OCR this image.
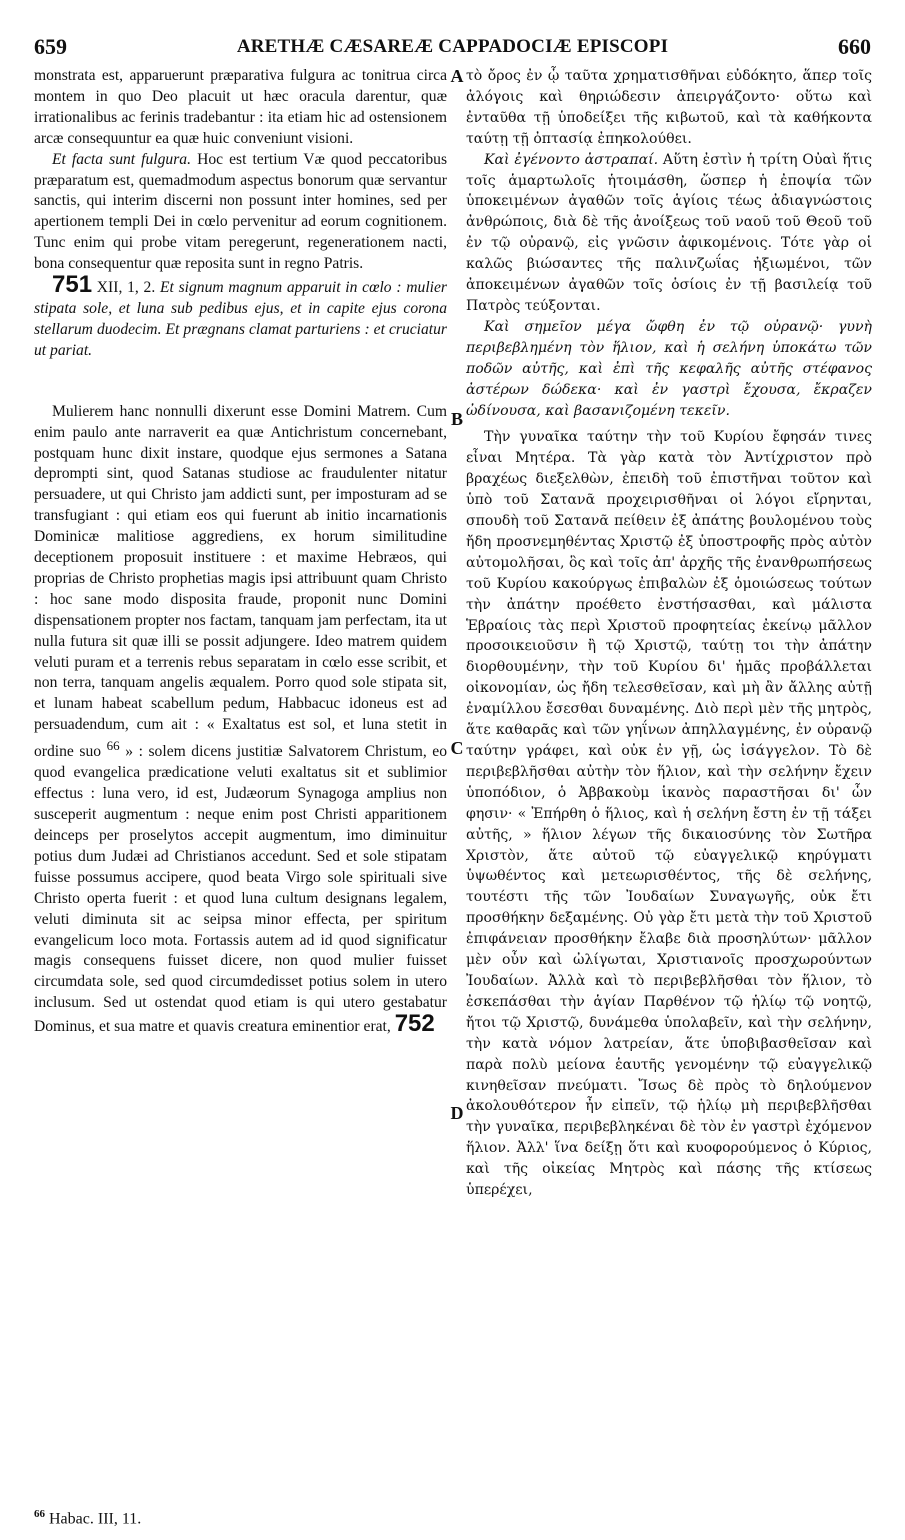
659	ARETHÆ CÆSAREÆ CAPPADOCIÆ EPISCOPI	660

monstrata est, apparuerunt præparativa fulgura ac tonitrua circa montem in quo Deo placuit ut hæc oracula darentur, quæ irrationalibus ac ferinis tradebantur : ita etiam hic ad ostensionem arcæ consequuntur ea quæ huic conveniunt visioni.

Et facta sunt fulgura. Hoc est tertium Væ quod peccatoribus præparatum est, quemadmodum aspectus bonorum quæ servantur sanctis, qui interim discerni non possunt inter homines, sed per apertionem templi Dei in cœlo pervenitur ad eorum cognitionem. Tunc enim qui probe vitam peregerunt, regenerationem nacti, bona consequentur quæ reposita sunt in regno Patris.

751 XII, 1, 2. Et signum magnum apparuit in cœlo : mulier stipata sole, et luna sub pedibus ejus, et in capite ejus corona stellarum duodecim. Et prægnans clamat parturiens : et cruciatur ut pariat.

Mulierem hanc nonnulli dixerunt esse Domini Matrem. Cum enim paulo ante narraverit ea quæ Antichristum concernebant, postquam hunc dixit instare, quodque ejus sermones a Satana deprompti sint, quod Satanas studiose ac fraudulenter nitatur persuadere, ut qui Christo jam addicti sunt, per imposturam ad se transfugiant : qui etiam eos qui fuerunt ab initio incarnationis Dominicæ malitiose aggrediens, ex horum similitudine deceptionem proposuit instituere : et maxime Hebræos, qui proprias de Christo prophetias magis ipsi attribuunt quam Christo : hoc sane modo disposita fraude, proponit nunc Domini dispensationem propter nos factam, tanquam jam perfectam, ita ut nulla futura sit quæ illi se possit adjungere. Ideo matrem quidem veluti puram et a terrenis rebus separatam in cœlo esse scribit, et non terra, tanquam angelis æqualem. Porro quod sole stipata sit, et lunam habeat scabellum pedum, Habbacuc idoneus est ad persuadendum, cum ait : « Exaltatus est sol, et luna stetit in ordine suo $^{66}$ » : solem dicens justitiæ Salvatorem Christum, eo quod evangelica prædicatione veluti exaltatus sit et sublimior effectus : luna vero, id est, Judæorum Synagoga amplius non susceperit augmentum : neque enim post Christi apparitionem deinceps per proselytos accepit augmentum, imo diminuitur potius dum Judæi ad Christianos accedunt. Sed et sole stipatam fuisse possumus accipere, quod beata Virgo sole spirituali sive Christo operta fuerit : et quod luna cultum designans legalem, veluti diminuta sit ac seipsa minor effecta, per spiritum evangelicum loco mota. Fortassis autem ad id quod significatur magis consequens fuisset dicere, non quod mulier fuisset circumdata sole, sed quod circumdedisset potius solem in utero inclusum. Sed ut ostendat quod etiam is qui utero gestabatur Dominus, et sua matre et quavis creatura eminentior erat, 752

A
B
C
D

τὸ ὄρος ἐν ᾧ ταῦτα χρηματισθῆναι εὐδόκητο, ἅπερ τοῖς ἀλόγοις καὶ θηριώδεσιν ἀπειργάζοντο· οὕτω καὶ ἐνταῦθα τῇ ὑποδείξει τῆς κιβωτοῦ, καὶ τὰ καθήκοντα ταύτῃ τῇ ὀπτασίᾳ ἐπηκολούθει.

Καὶ ἐγένοντο ἀστραπαί. Αὕτη ἐστὶν ἡ τρίτη Οὐαὶ ἥτις τοῖς ἁμαρτωλοῖς ἡτοιμάσθη, ὥσπερ ἡ ἐποψία τῶν ὑποκειμένων ἀγαθῶν τοῖς ἁγίοις τέως ἀδιαγνώστοις ἀνθρώποις, διὰ δὲ τῆς ἀνοίξεως τοῦ ναοῦ τοῦ Θεοῦ τοῦ ἐν τῷ οὐρανῷ, εἰς γνῶσιν ἀφικομένοις. Τότε γὰρ οἱ καλῶς βιώσαντες τῆς παλινζωΐας ἠξιωμένοι, τῶν ἀποκειμένων ἀγαθῶν τοῖς ὁσίοις ἐν τῇ βασιλείᾳ τοῦ Πατρὸς τεύξονται.

Καὶ σημεῖον μέγα ὤφθη ἐν τῷ οὐρανῷ· γυνὴ περιβεβλημένη τὸν ἥλιον, καὶ ἡ σελήνη ὑποκάτω τῶν ποδῶν αὐτῆς, καὶ ἐπὶ τῆς κεφαλῆς αὐτῆς στέφανος ἀστέρων δώδεκα· καὶ ἐν γαστρὶ ἔχουσα, ἔκραζεν ὠδίνουσα, καὶ βασανιζομένη τεκεῖν.

Τὴν γυναῖκα ταύτην τὴν τοῦ Κυρίου ἔφησάν τινες εἶναι Μητέρα. Τὰ γὰρ κατὰ τὸν Ἀντίχριστον πρὸ βραχέως διεξελθὼν, ἐπειδὴ τοῦ ἐπιστῆναι τοῦτον καὶ ὑπὸ τοῦ Σατανᾶ προχειρισθῆναι οἱ λόγοι εἴρηνται, σπουδὴ τοῦ Σατανᾶ πείθειν ἐξ ἀπάτης βουλομένου τοὺς ἤδη προσνεμηθέντας Χριστῷ ἐξ ὑποστροφῆς πρὸς αὐτὸν αὐτομολῆσαι, ὃς καὶ τοῖς ἀπ' ἀρχῆς τῆς ἐνανθρωπήσεως τοῦ Κυρίου κακούργως ἐπιβαλὼν ἐξ ὁμοιώσεως τούτων τὴν ἀπάτην προέθετο ἐνστήσασθαι, καὶ μάλιστα Ἑβραίοις τὰς περὶ Χριστοῦ προφητείας ἐκείνῳ μᾶλλον προσοικειοῦσιν ἢ τῷ Χριστῷ, ταύτῃ τοι τὴν ἀπάτην διορθουμένην, τὴν τοῦ Κυρίου δι' ἡμᾶς προβάλλεται οἰκονομίαν, ὡς ἤδη τελεσθεῖσαν, καὶ μὴ ἂν ἄλλης αὐτῇ ἐναμίλλου ἔσεσθαι δυναμένης. Διὸ περὶ μὲν τῆς μητρὸς, ἅτε καθαρᾶς καὶ τῶν γηΐνων ἀπηλλαγμένης, ἐν οὐρανῷ ταύτην γράφει, καὶ οὐκ ἐν γῇ, ὡς ἰσάγγελον. Τὸ δὲ περιβεβλῆσθαι αὐτὴν τὸν ἥλιον, καὶ τὴν σελήνην ἔχειν ὑποπόδιον, ὁ Ἀββακοὺμ ἱκανὸς παραστῆσαι δι' ὧν φησιν· « Ἐπήρθη ὁ ἥλιος, καὶ ἡ σελήνη ἔστη ἐν τῇ τάξει αὐτῆς, » ἥλιον λέγων τῆς δικαιοσύνης τὸν Σωτῆρα Χριστὸν, ἅτε αὐτοῦ τῷ εὐαγγελικῷ κηρύγματι ὑψωθέντος καὶ μετεωρισθέντος, τῆς δὲ σελήνης, τουτέστι τῆς τῶν Ἰουδαίων Συναγωγῆς, οὐκ ἔτι προσθήκην δεξαμένης. Οὐ γὰρ ἔτι μετὰ τὴν τοῦ Χριστοῦ ἐπιφάνειαν προσθήκην ἔλαβε διὰ προσηλύτων· μᾶλλον μὲν οὖν καὶ ὠλίγωται, Χριστιανοῖς προσχωρούντων Ἰουδαίων. Ἀλλὰ καὶ τὸ περιβεβλῆσθαι τὸν ἥλιον, τὸ ἐσκεπάσθαι τὴν ἁγίαν Παρθένον τῷ ἡλίῳ τῷ νοητῷ, ἤτοι τῷ Χριστῷ, δυνάμεθα ὑπολαβεῖν, καὶ τὴν σελήνην, τὴν κατὰ νόμον λατρείαν, ἅτε ὑποβιβασθεῖσαν καὶ παρὰ πολὺ μείονα ἑαυτῆς γενομένην τῷ εὐαγγελικῷ κινηθεῖσαν πνεύματι. Ἴσως δὲ πρὸς τὸ δηλούμενον ἀκολουθότερον ἦν εἰπεῖν, τῷ ἡλίῳ μὴ περιβεβλῆσθαι τὴν γυναῖκα, περιβεβληκέναι δὲ τὸν ἐν γαστρὶ ἐχόμενον ἥλιον. Ἀλλ' ἵνα δείξῃ ὅτι καὶ κυοφορούμενος ὁ Κύριος, καὶ τῆς οἰκείας Μητρὸς καὶ πάσης τῆς κτίσεως ὑπερέχει,

$^{66}$ Habac. III, 11.
